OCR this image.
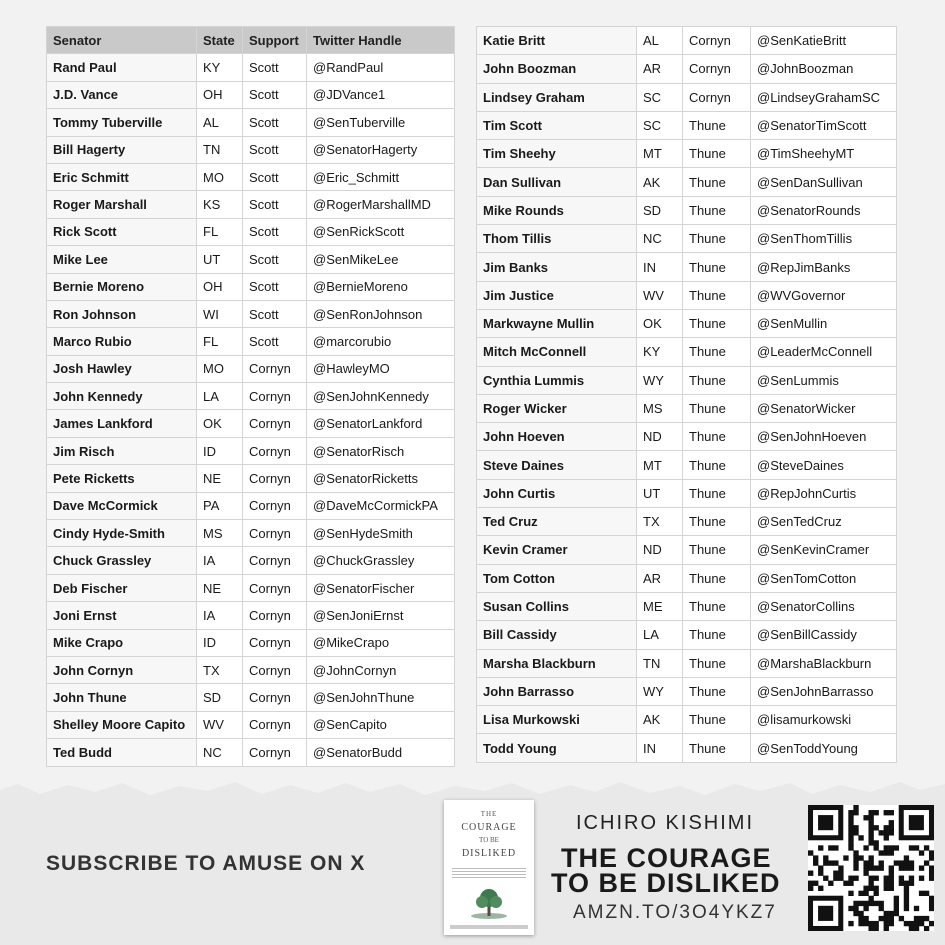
Senator	State	Support	Twitter Handle
Rand Paul	KY	Scott	@RandPaul
J.D. Vance	OH	Scott	@JDVance1
Tommy Tuberville	AL	Scott	@SenTuberville
Bill Hagerty	TN	Scott	@SenatorHagerty
Eric Schmitt	MO	Scott	@Eric_Schmitt
Roger Marshall	KS	Scott	@RogerMarshallMD
Rick Scott	FL	Scott	@SenRickScott
Mike Lee	UT	Scott	@SenMikeLee
Bernie Moreno	OH	Scott	@BernieMoreno
Ron Johnson	WI	Scott	@SenRonJohnson
Marco Rubio	FL	Scott	@marcorubio
Josh Hawley	MO	Cornyn	@HawleyMO
John Kennedy	LA	Cornyn	@SenJohnKennedy
James Lankford	OK	Cornyn	@SenatorLankford
Jim Risch	ID	Cornyn	@SenatorRisch
Pete Ricketts	NE	Cornyn	@SenatorRicketts
Dave McCormick	PA	Cornyn	@DaveMcCormickPA
Cindy Hyde-Smith	MS	Cornyn	@SenHydeSmith
Chuck Grassley	IA	Cornyn	@ChuckGrassley
Deb Fischer	NE	Cornyn	@SenatorFischer
Joni Ernst	IA	Cornyn	@SenJoniErnst
Mike Crapo	ID	Cornyn	@MikeCrapo
John Cornyn	TX	Cornyn	@JohnCornyn
John Thune	SD	Cornyn	@SenJohnThune
Shelley Moore Capito	WV	Cornyn	@SenCapito
Ted Budd	NC	Cornyn	@SenatorBudd
Katie Britt	AL	Cornyn	@SenKatieBritt
John Boozman	AR	Cornyn	@JohnBoozman
Lindsey Graham	SC	Cornyn	@LindseyGrahamSC
Tim Scott	SC	Thune	@SenatorTimScott
Tim Sheehy	MT	Thune	@TimSheehyMT
Dan Sullivan	AK	Thune	@SenDanSullivan
Mike Rounds	SD	Thune	@SenatorRounds
Thom Tillis	NC	Thune	@SenThomTillis
Jim Banks	IN	Thune	@RepJimBanks
Jim Justice	WV	Thune	@WVGovernor
Markwayne Mullin	OK	Thune	@SenMullin
Mitch McConnell	KY	Thune	@LeaderMcConnell
Cynthia Lummis	WY	Thune	@SenLummis
Roger Wicker	MS	Thune	@SenatorWicker
John Hoeven	ND	Thune	@SenJohnHoeven
Steve Daines	MT	Thune	@SteveDaines
John Curtis	UT	Thune	@RepJohnCurtis
Ted Cruz	TX	Thune	@SenTedCruz
Kevin Cramer	ND	Thune	@SenKevinCramer
Tom Cotton	AR	Thune	@SenTomCotton
Susan Collins	ME	Thune	@SenatorCollins
Bill Cassidy	LA	Thune	@SenBillCassidy
Marsha Blackburn	TN	Thune	@MarshaBlackburn
John Barrasso	WY	Thune	@SenJohnBarrasso
Lisa Murkowski	AK	Thune	@lisamurkowski
Todd Young	IN	Thune	@SenToddYoung
SUBSCRIBE TO AMUSE ON X
THE
COURAGE
TO BE
DISLIKED
ICHIRO KISHIMI
THE COURAGE
TO BE DISLIKED
AMZN.TO/3O4YKZ7
